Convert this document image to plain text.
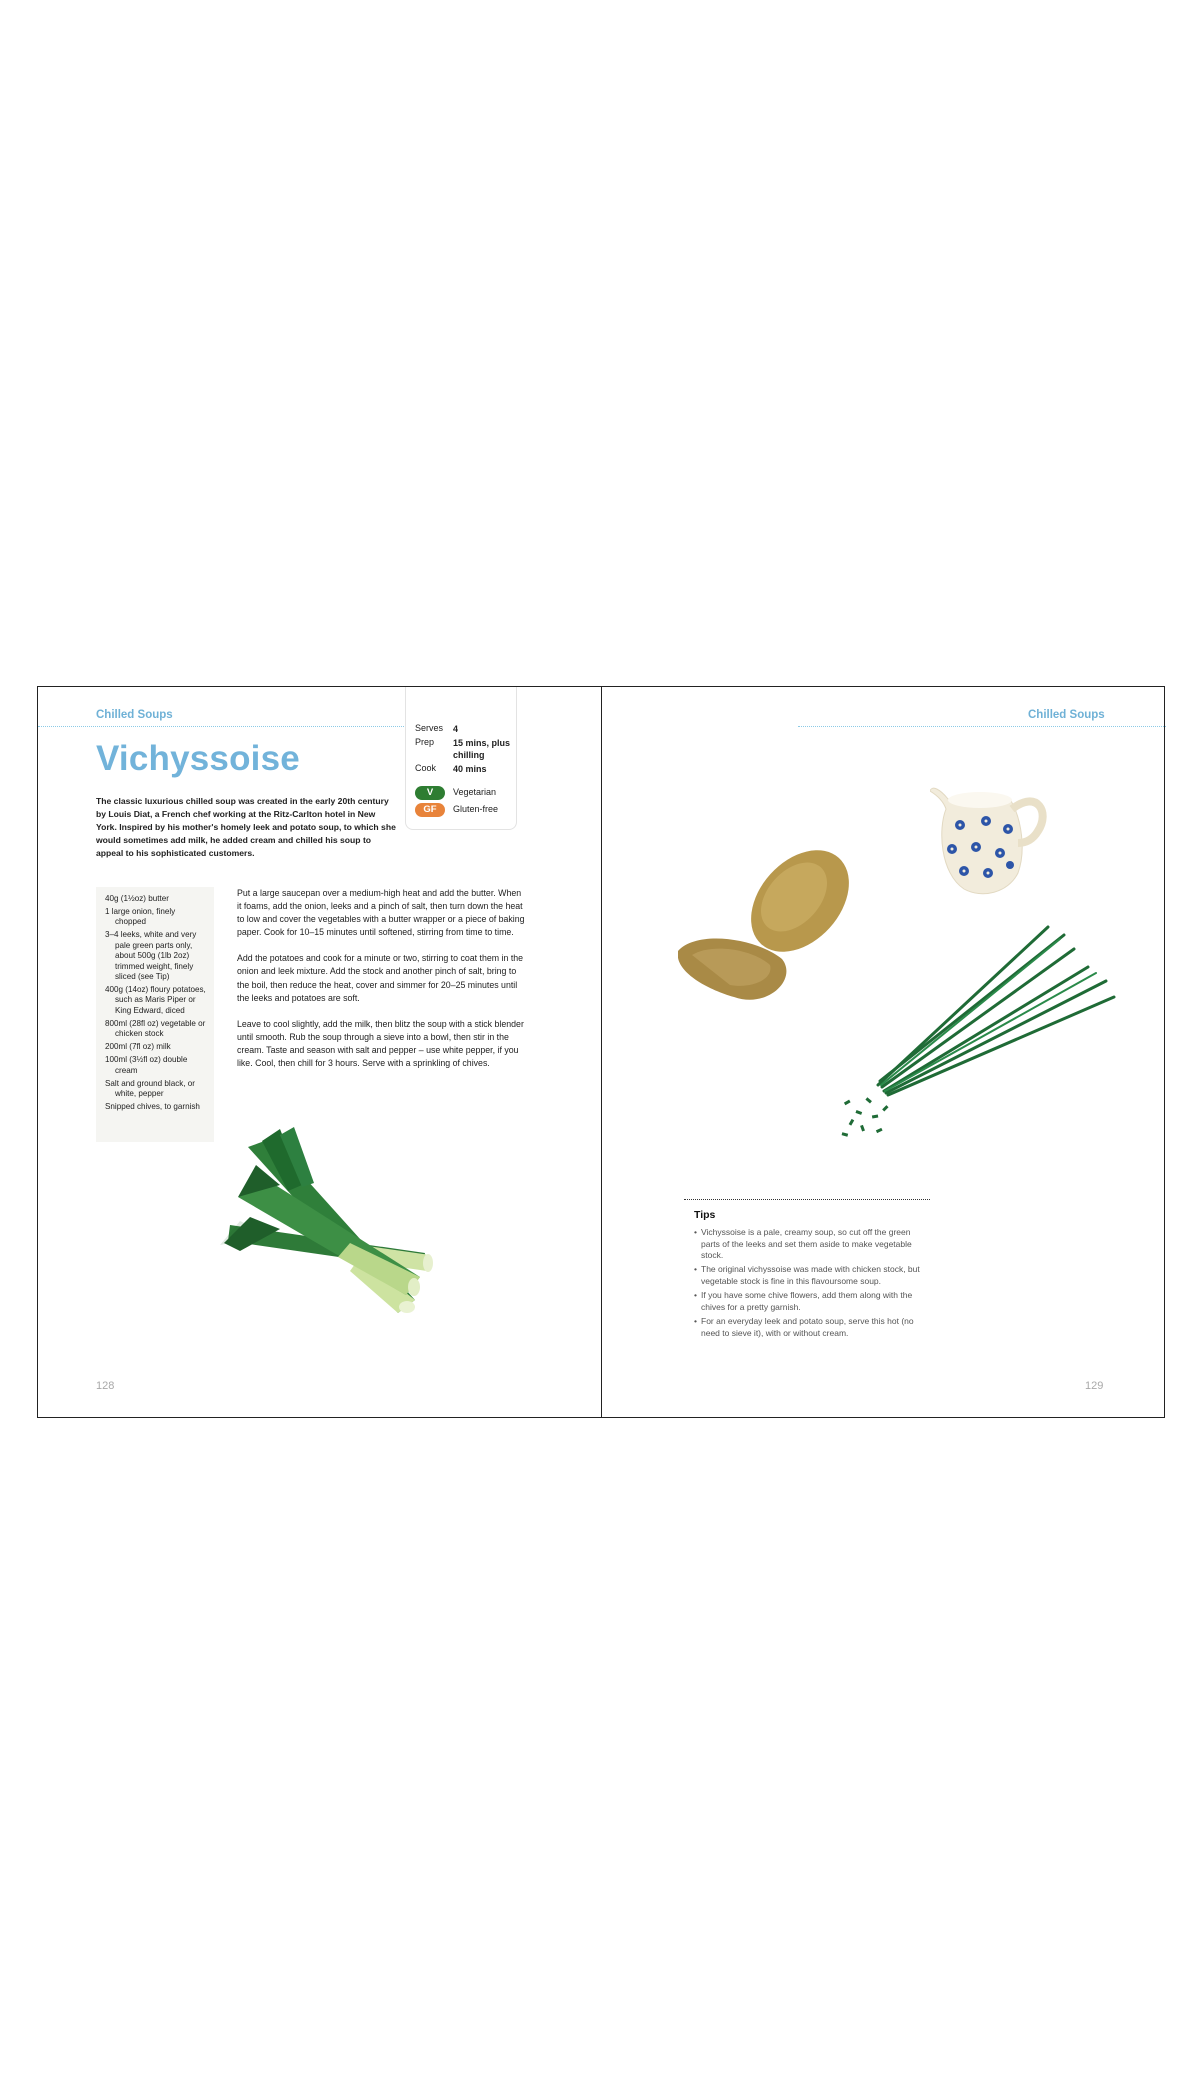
Chilled Soups
Vichyssoise

The classic luxurious chilled soup was created in the early 20th century by Louis Diat, a French chef working at the Ritz-Carlton hotel in New York. Inspired by his mother's homely leek and potato soup, to which she would sometimes add milk, he added cream and chilled his soup to appeal to his sophisticated customers.

Serves	4
Prep	15 mins, plus chilling
Cook	40 mins
V	Vegetarian
GF	Gluten-free
40g (1½oz) butter
1 large onion, finely chopped
3–4 leeks, white and very pale green parts only, about 500g (1lb 2oz) trimmed weight, finely sliced (see Tip)
400g (14oz) floury potatoes, such as Maris Piper or King Edward, diced
800ml (28fl oz) vegetable or chicken stock
200ml (7fl oz) milk
100ml (3½fl oz) double cream
Salt and ground black, or white, pepper
Snipped chives, to garnish

Put a large saucepan over a medium-high heat and add the butter. When it foams, add the onion, leeks and a pinch of salt, then turn down the heat to low and cover the vegetables with a butter wrapper or a piece of baking paper. Cook for 10–15 minutes until softened, stirring from time to time.

Add the potatoes and cook for a minute or two, stirring to coat them in the onion and leek mixture. Add the stock and another pinch of salt, bring to the boil, then reduce the heat, cover and simmer for 20–25 minutes until the leeks and potatoes are soft.

Leave to cool slightly, add the milk, then blitz the soup with a stick blender until smooth. Rub the soup through a sieve into a bowl, then stir in the cream. Taste and season with salt and pepper – use white pepper, if you like. Cool, then chill for 3 hours. Serve with a sprinkling of chives.

128
Chilled Soups
Tips
• Vichyssoise is a pale, creamy soup, so cut off the green parts of the leeks and set them aside to make vegetable stock.
• The original vichyssoise was made with chicken stock, but vegetable stock is fine in this flavoursome soup.
• If you have some chive flowers, add them along with the chives for a pretty garnish.
• For an everyday leek and potato soup, serve this hot (no need to sieve it), with or without cream.
129
